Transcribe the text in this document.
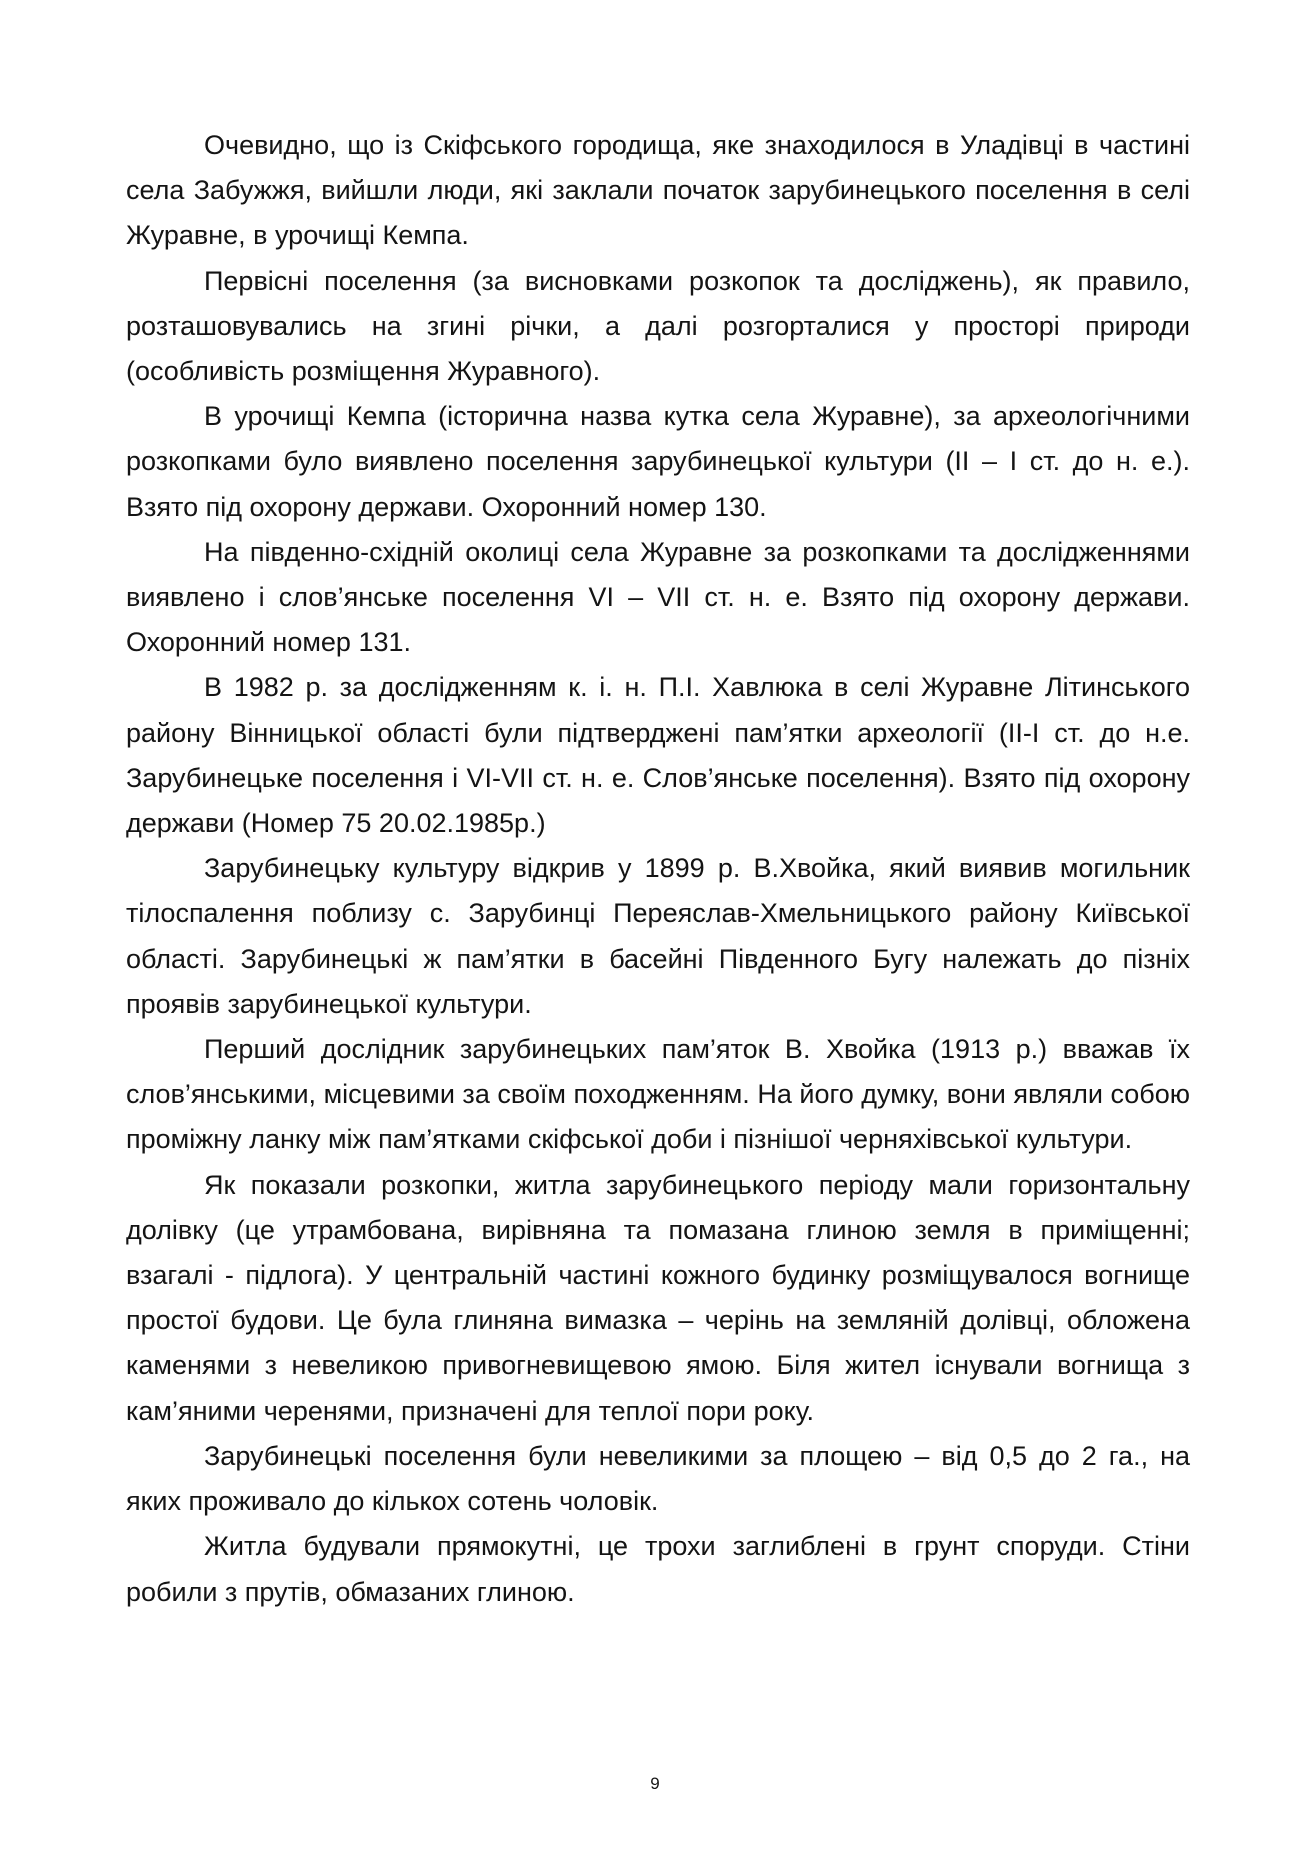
Очевидно, що із Скіфського городища, яке знаходилося в Уладівці в частині села Забужжя, вийшли люди, які заклали початок зарубинецького поселення в селі Журавне, в урочищі Кемпа.

Первісні поселення (за висновками розкопок та досліджень), як правило, розташовувались на згині річки, а далі розгорталися у просторі природи (особливість розміщення Журавного).

В урочищі Кемпа (історична назва кутка села Журавне), за археологічними розкопками було виявлено поселення зарубинецької культури (ІІ – І ст. до н. е.). Взято під охорону держави. Охоронний номер 130.

На південно-східній околиці села Журавне за розкопками та дослідженнями виявлено і слов’янське поселення VI – VII ст. н. е. Взято під охорону держави. Охоронний номер 131.

В 1982 р. за дослідженням к. і. н. П.І. Хавлюка в селі Журавне Літинського району Вінницької області були підтверджені пам’ятки археології (ІІ-І ст. до н.е. Зарубинецьке поселення і VI-VII ст. н. е. Слов’янське поселення). Взято під охорону держави (Номер 75 20.02.1985р.)

Зарубинецьку культуру відкрив у 1899 р. В.Хвойка, який виявив могильник тілоспалення поблизу с. Зарубинці Переяслав-Хмельницького району Київської області. Зарубинецькі ж пам’ятки в басейні Південного Бугу належать до пізніх проявів зарубинецької культури.

Перший дослідник зарубинецьких пам’яток В. Хвойка (1913 р.) вважав їх слов’янськими, місцевими за своїм походженням. На його думку, вони являли собою проміжну ланку між пам’ятками скіфської доби і пізнішої черняхівської культури.

Як показали розкопки, житла зарубинецького періоду мали горизонтальну долівку (це утрамбована, вирівняна та помазана глиною земля в приміщенні; взагалі - підлога). У центральній частині кожного будинку розміщувалося вогнище простої будови. Це була глиняна вимазка – черінь на земляній долівці, обложена каменями з невеликою привогневищевою ямою. Біля жител існували вогнища з кам’яними черенями, призначені для теплої пори року.

Зарубинецькі поселення були невеликими за площею – від 0,5 до 2 га., на яких проживало до кількох сотень чоловік.

Житла будували прямокутні, це трохи заглиблені в грунт споруди. Стіни робили з прутів, обмазаних глиною.

9
